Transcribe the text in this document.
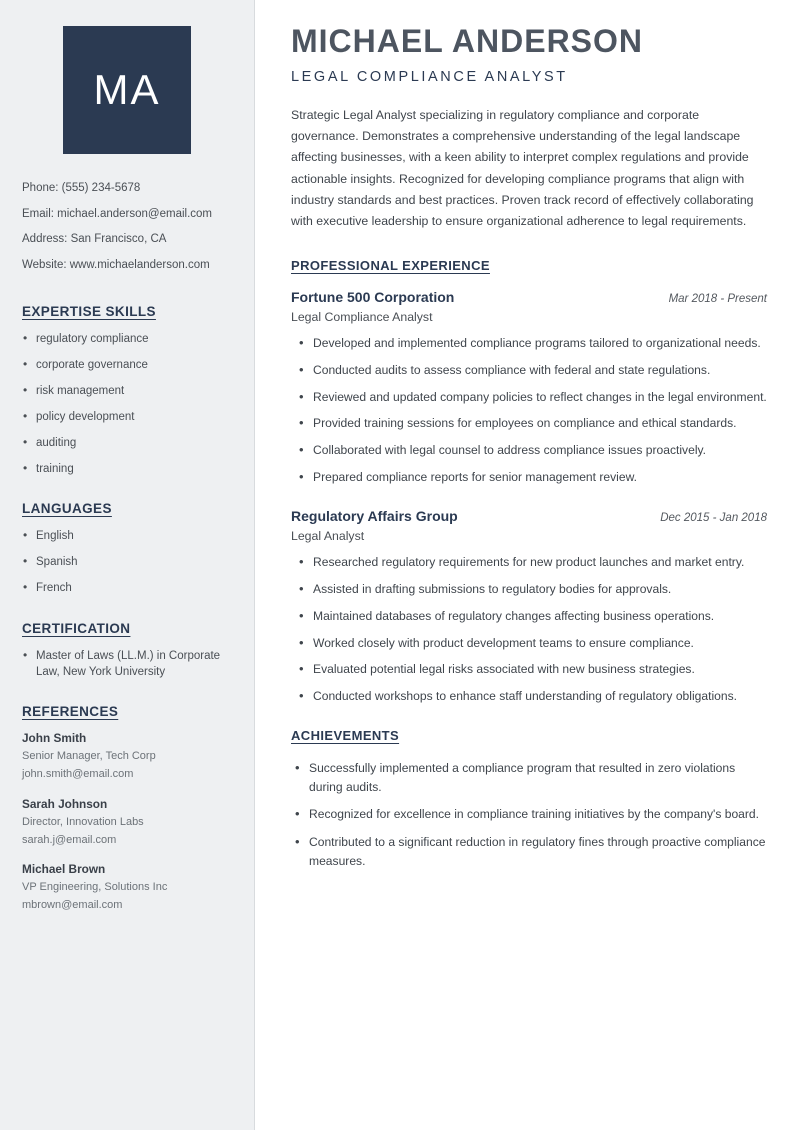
MA
Phone: (555) 234-5678
Email: michael.anderson@email.com
Address: San Francisco, CA
Website: www.michaelanderson.com
EXPERTISE SKILLS
• regulatory compliance
• corporate governance
• risk management
• policy development
• auditing
• training
LANGUAGES
• English
• Spanish
• French
CERTIFICATION
• Master of Laws (LL.M.) in Corporate Law, New York University
REFERENCES
John Smith
Senior Manager, Tech Corp
john.smith@email.com
Sarah Johnson
Director, Innovation Labs
sarah.j@email.com
Michael Brown
VP Engineering, Solutions Inc
mbrown@email.com
MICHAEL ANDERSON
LEGAL COMPLIANCE ANALYST

Strategic Legal Analyst specializing in regulatory compliance and corporate governance. Demonstrates a comprehensive understanding of the legal landscape affecting businesses, with a keen ability to interpret complex regulations and provide actionable insights. Recognized for developing compliance programs that align with industry standards and best practices. Proven track record of effectively collaborating with executive leadership to ensure organizational adherence to legal requirements.

PROFESSIONAL EXPERIENCE
Fortune 500 Corporation	Mar 2018 - Present
Legal Compliance Analyst
• Developed and implemented compliance programs tailored to organizational needs.
• Conducted audits to assess compliance with federal and state regulations.
• Reviewed and updated company policies to reflect changes in the legal environment.
• Provided training sessions for employees on compliance and ethical standards.
• Collaborated with legal counsel to address compliance issues proactively.
• Prepared compliance reports for senior management review.
Regulatory Affairs Group	Dec 2015 - Jan 2018
Legal Analyst
• Researched regulatory requirements for new product launches and market entry.
• Assisted in drafting submissions to regulatory bodies for approvals.
• Maintained databases of regulatory changes affecting business operations.
• Worked closely with product development teams to ensure compliance.
• Evaluated potential legal risks associated with new business strategies.
• Conducted workshops to enhance staff understanding of regulatory obligations.
ACHIEVEMENTS
• Successfully implemented a compliance program that resulted in zero violations during audits.
• Recognized for excellence in compliance training initiatives by the company's board.
• Contributed to a significant reduction in regulatory fines through proactive compliance measures.
